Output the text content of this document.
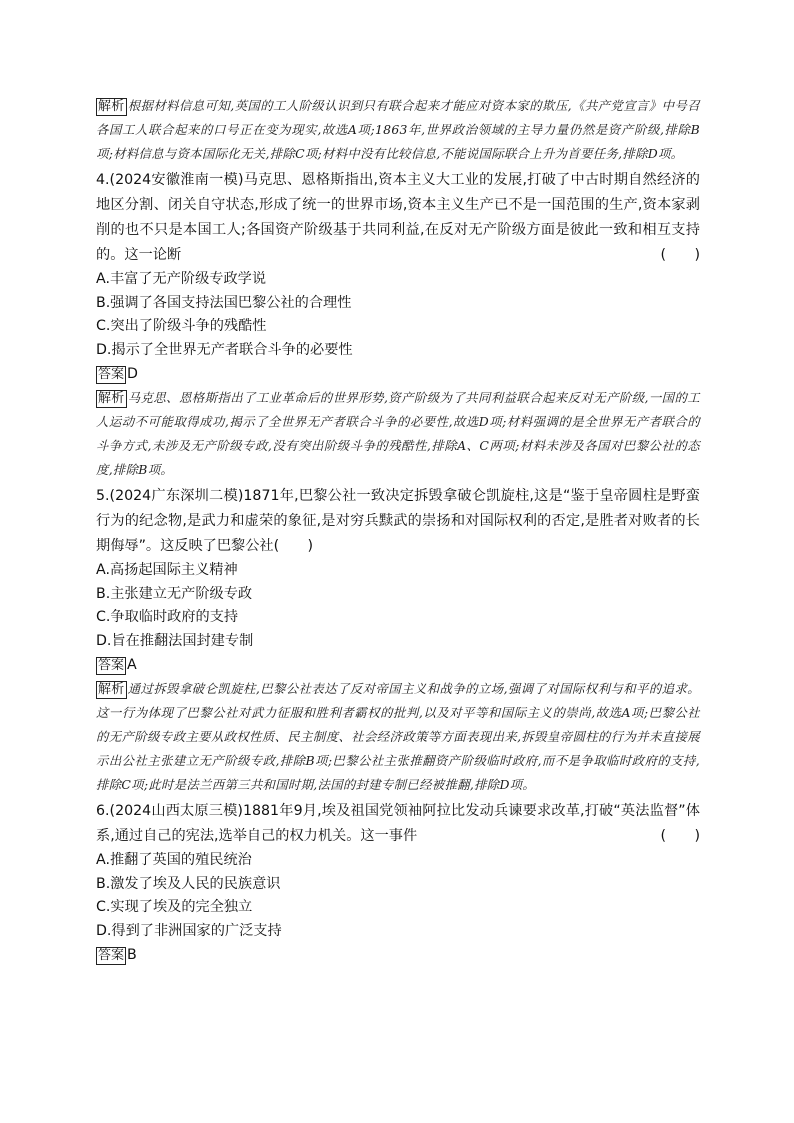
解析 根据材料信息可知,英国的工人阶级认识到只有联合起来才能应对资本家的欺压,《共产党宣言》中号召各国工人联合起来的口号正在变为现实,故选A项;1863年,世界政治领域的主导力量仍然是资产阶级,排除B项;材料信息与资本国际化无关,排除C项;材料中没有比较信息,不能说国际联合上升为首要任务,排除D项。

4.(2024安徽淮南一模)马克思、恩格斯指出,资本主义大工业的发展,打破了中古时期自然经济的地区分割、闭关自守状态,形成了统一的世界市场,资本主义生产已不是一国范围的生产,资本家剥削的也不只是本国工人;各国资产阶级基于共同利益,在反对无产阶级方面是彼此一致和相互支持的。这一论断	(　　)

A.丰富了无产阶级专政学说

B.强调了各国支持法国巴黎公社的合理性

C.突出了阶级斗争的残酷性

D.揭示了全世界无产者联合斗争的必要性

答案 D

解析 马克思、恩格斯指出了工业革命后的世界形势,资产阶级为了共同利益联合起来反对无产阶级,一国的工人运动不可能取得成功,揭示了全世界无产者联合斗争的必要性,故选D项;材料强调的是全世界无产者联合的斗争方式,未涉及无产阶级专政,没有突出阶级斗争的残酷性,排除A、C两项;材料未涉及各国对巴黎公社的态度,排除B项。

5.(2024广东深圳二模)1871年,巴黎公社一致决定拆毁拿破仑凯旋柱,这是“鉴于皇帝圆柱是野蛮行为的纪念物,是武力和虚荣的象征,是对穷兵黩武的崇扬和对国际权利的否定,是胜者对败者的长期侮辱”。这反映了巴黎公社(　　)

A.高扬起国际主义精神

B.主张建立无产阶级专政

C.争取临时政府的支持

D.旨在推翻法国封建专制

答案 A

解析 通过拆毁拿破仑凯旋柱,巴黎公社表达了反对帝国主义和战争的立场,强调了对国际权利与和平的追求。这一行为体现了巴黎公社对武力征服和胜利者霸权的批判,以及对平等和国际主义的崇尚,故选A项;巴黎公社的无产阶级专政主要从政权性质、民主制度、社会经济政策等方面表现出来,拆毁皇帝圆柱的行为并未直接展示出公社主张建立无产阶级专政,排除B项;巴黎公社主张推翻资产阶级临时政府,而不是争取临时政府的支持,排除C项;此时是法兰西第三共和国时期,法国的封建专制已经被推翻,排除D项。

6.(2024山西太原三模)1881年9月,埃及祖国党领袖阿拉比发动兵谏要求改革,打破“英法监督”体系,通过自己的宪法,选举自己的权力机关。这一事件	(　　)

A.推翻了英国的殖民统治

B.激发了埃及人民的民族意识

C.实现了埃及的完全独立

D.得到了非洲国家的广泛支持

答案 B
